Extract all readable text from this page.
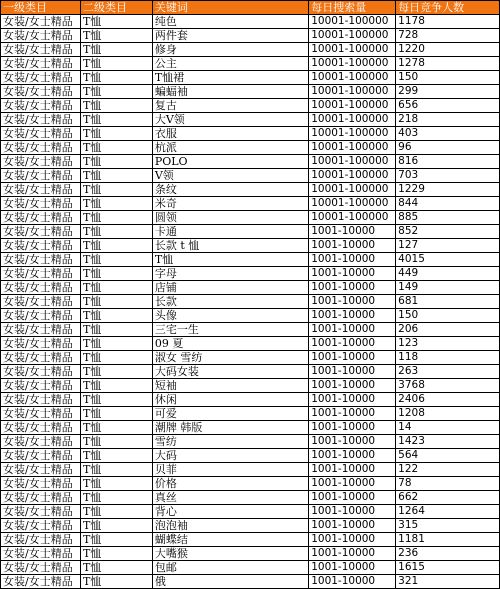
一级类目	二级类目	关键词	每日搜索量	每日竞争人数
女装/女士精品	T恤	纯色	10001-100000	1178
女装/女士精品	T恤	两件套	10001-100000	728
女装/女士精品	T恤	修身	10001-100000	1220
女装/女士精品	T恤	公主	10001-100000	1278
女装/女士精品	T恤	T恤裙	10001-100000	150
女装/女士精品	T恤	蝙蝠袖	10001-100000	299
女装/女士精品	T恤	复古	10001-100000	656
女装/女士精品	T恤	大V领	10001-100000	218
女装/女士精品	T恤	衣服	10001-100000	403
女装/女士精品	T恤	杭派	10001-100000	96
女装/女士精品	T恤	POLO	10001-100000	816
女装/女士精品	T恤	V领	10001-100000	703
女装/女士精品	T恤	条纹	10001-100000	1229
女装/女士精品	T恤	米奇	10001-100000	844
女装/女士精品	T恤	圆领	10001-100000	885
女装/女士精品	T恤	卡通	1001-10000	852
女装/女士精品	T恤	长款 t 恤	1001-10000	127
女装/女士精品	T恤	T恤	1001-10000	4015
女装/女士精品	T恤	字母	1001-10000	449
女装/女士精品	T恤	店铺	1001-10000	149
女装/女士精品	T恤	长款	1001-10000	681
女装/女士精品	T恤	头像	1001-10000	150
女装/女士精品	T恤	三宅一生	1001-10000	206
女装/女士精品	T恤	09 夏	1001-10000	123
女装/女士精品	T恤	淑女 雪纺	1001-10000	118
女装/女士精品	T恤	大码女装	1001-10000	263
女装/女士精品	T恤	短袖	1001-10000	3768
女装/女士精品	T恤	休闲	1001-10000	2406
女装/女士精品	T恤	可爱	1001-10000	1208
女装/女士精品	T恤	潮牌 韩版	1001-10000	14
女装/女士精品	T恤	雪纺	1001-10000	1423
女装/女士精品	T恤	大码	1001-10000	564
女装/女士精品	T恤	贝菲	1001-10000	122
女装/女士精品	T恤	价格	1001-10000	78
女装/女士精品	T恤	真丝	1001-10000	662
女装/女士精品	T恤	背心	1001-10000	1264
女装/女士精品	T恤	泡泡袖	1001-10000	315
女装/女士精品	T恤	蝴蝶结	1001-10000	1181
女装/女士精品	T恤	大嘴猴	1001-10000	236
女装/女士精品	T恤	包邮	1001-10000	1615
女装/女士精品	T恤	俄	1001-10000	321
